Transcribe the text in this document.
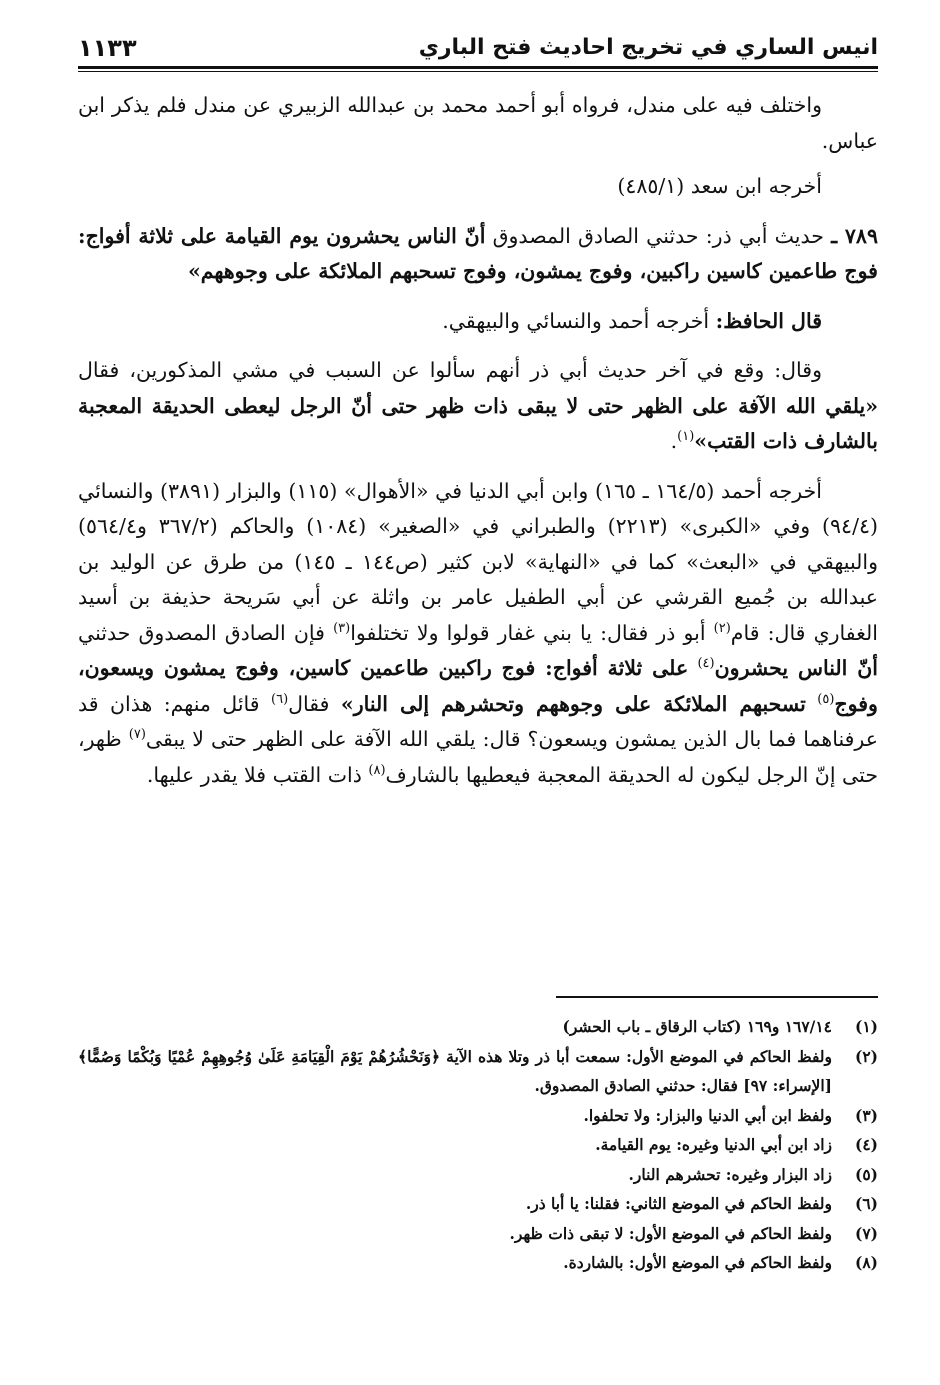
انيس الساري في تخريج احاديث فتح الباري
١١٣٣

واختلف فيه على مندل، فرواه أبو أحمد محمد بن عبدالله الزبيري عن مندل فلم يذكر ابن عباس.

أخرجه ابن سعد (٤٨٥/١)

٧٨٩ ـ حديث أبي ذر: حدثني الصادق المصدوق أنّ الناس يحشرون يوم القيامة على ثلاثة أفواج: فوج طاعمين كاسين راكبين، وفوج يمشون، وفوج تسحبهم الملائكة على وجوههم»

قال الحافظ: أخرجه أحمد والنسائي والبيهقي.

وقال: وقع في آخر حديث أبي ذر أنهم سألوا عن السبب في مشي المذكورين، فقال «يلقي الله الآفة على الظهر حتى لا يبقى ذات ظهر حتى أنّ الرجل ليعطى الحديقة المعجبة بالشارف ذات القتب»$^{(١)}$.

أخرجه أحمد (١٦٤/٥ ـ ١٦٥) وابن أبي الدنيا في «الأهوال» (١١٥) والبزار (٣٨٩١) والنسائي (٩٤/٤) وفي «الكبرى» (٢٢١٣) والطبراني في «الصغير» (١٠٨٤) والحاكم (٣٦٧/٢ و٥٦٤/٤) والبيهقي في «البعث» كما في «النهاية» لابن كثير (ص١٤٤ ـ ١٤٥) من طرق عن الوليد بن عبدالله بن جُميع القرشي عن أبي الطفيل عامر بن واثلة عن أبي سَريحة حذيفة بن أسيد الغفاري قال: قام$^{(٢)}$ أبو ذر فقال: يا بني غفار قولوا ولا تختلفوا$^{(٣)}$ فإن الصادق المصدوق حدثني أنّ الناس يحشرون$^{(٤)}$ على ثلاثة أفواج: فوج راكبين طاعمين كاسين، وفوج يمشون ويسعون، وفوج$^{(٥)}$ تسحبهم الملائكة على وجوههم وتحشرهم إلى النار» فقال$^{(٦)}$ قائل منهم: هذان قد عرفناهما فما بال الذين يمشون ويسعون؟ قال: يلقي الله الآفة على الظهر حتى لا يبقى$^{(٧)}$ ظهر، حتى إنّ الرجل ليكون له الحديقة المعجبة فيعطيها بالشارف$^{(٨)}$ ذات القتب فلا يقدر عليها.

(١)
١٦٧/١٤ و١٦٩ (كتاب الرقاق ـ باب الحشر)
(٢)
ولفظ الحاكم في الموضع الأول: سمعت أبا ذر وتلا هذه الآية ﴿وَنَحْشُرُهُمْ يَوْمَ الْقِيَامَةِ عَلَىٰ وُجُوهِهِمْ عُمْيًا وَبُكْمًا وَصُمًّا﴾ [الإسراء: ٩٧] فقال: حدثني الصادق المصدوق.
(٣)
ولفظ ابن أبي الدنيا والبزار: ولا تحلفوا.
(٤)
زاد ابن أبي الدنيا وغيره: يوم القيامة.
(٥)
زاد البزار وغيره: تحشرهم النار.
(٦)
ولفظ الحاكم في الموضع الثاني: فقلنا: يا أبا ذر.
(٧)
ولفظ الحاكم في الموضع الأول: لا تبقى ذات ظهر.
(٨)
ولفظ الحاكم في الموضع الأول: بالشاردة.
